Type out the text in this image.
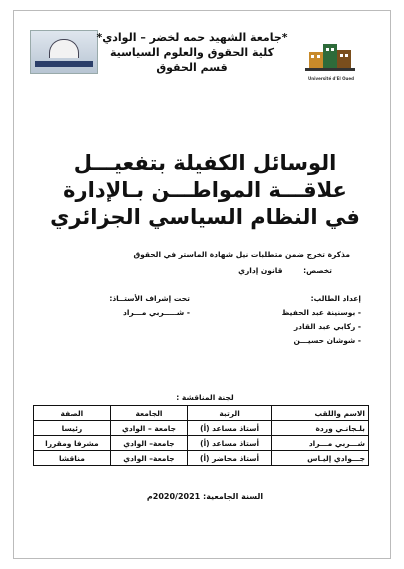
Université d'El Oued
*جامعة الشهيد حمه لخضر – الوادي*
كلية الحقوق والعلوم السياسية
قسم الحقوق
الوسائل الكفيلة بتفعيـــل
علاقـــة المواطـــن بـالإدارة
في النظام السياسي الجزائري
مذكرة تخرج ضمن متطلبات نيل شهادة الماستر في الحقوق
تخصص: قانون إداري
إعداد الطالب:
- بوسنينة عبد الحفيظ
- ركابي عبد القادر
- شوشان حسيـــن
تحت إشراف الأستــاذ:
- شـــــربي مـــراد
لجنة المناقشة :
الاسم واللقب	الرتبة	الجامعة	الصفة
بلـجانـي وردة	أستاذ مساعد (أ)	جامعة – الوادي	رئيسا
شـــربي مـــراد	أستاذ مساعد (أ)	جامعة– الوادي	مشرفا ومقررا
جـــوادي إليـاس	أستاذ محاضر (أ)	جامعة– الوادي	مناقشا
السنة الجامعية: 2020/2021م
